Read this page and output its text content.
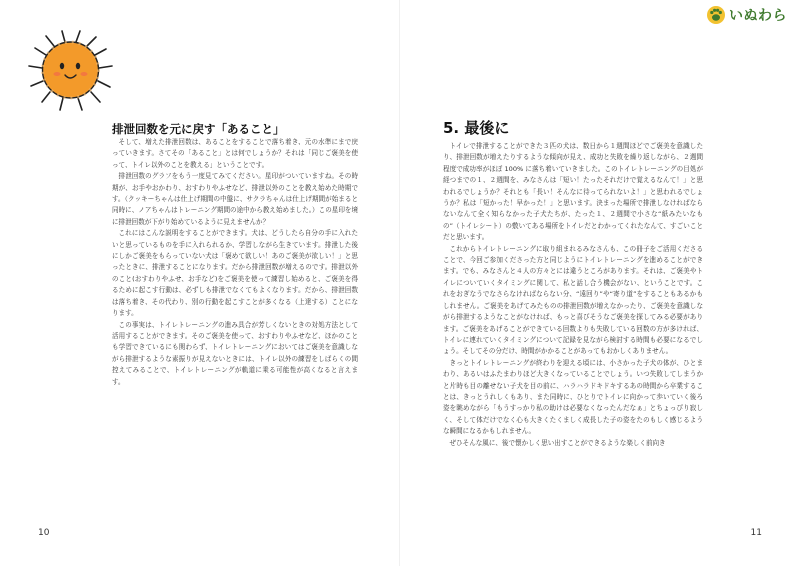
排泄回数を元に戻す「あること」

そして、増えた排泄回数は、あることをすることで落ち着き、元の水準にまで戻っていきます。さてその「あること」とは何でしょうか？それは「同じご褒美を使って、トイレ以外のことを教える」ということです。

排泄回数のグラフをもう一度見てみてください。星印がついていますね。その時期が、お手やおかわり、おすわりやふせなど、排泄以外のことを教え始めた時期です。（クッキーちゃんは仕上げ期間の中盤に、サクラちゃんは仕上げ期間が始まると同時に、ノアちゃんはトレーニング期間の途中から教え始めました。）この星印を境に排泄回数が下がり始めているように見えませんか？

これにはこんな説明をすることができます。犬は、どうしたら自分の手に入れたいと思っているものを手に入れられるか、学習しながら生きています。排泄した後にしかご褒美をもらっていない犬は「褒めて欲しい！あのご褒美が欲しい！」と思ったときに、排泄することになります。だから排泄回数が増えるのです。排泄以外のこと(おすわりやふせ、お手など)をご褒美を使って練習し始めると、ご褒美を得るために起こす行動は、必ずしも排泄でなくてもよくなります。だから、排泄回数は落ち着き、その代わり、別の行動を起こすことが多くなる（上達する）ことになります。

この事実は、トイレトレーニングの進み具合が芳しくないときの対処方法として活用することができます。そのご褒美を使って、おすわりやふせなど、ほかのことも学習できているにも関わらず、トイレトレーニングにおいてはご褒美を意識しながら排泄するような素振りが見えないときには、トイレ以外の練習をしばらくの間控えてみることで、トイレトレーニングが軌道に乗る可能性が高くなると言えます。

10
いぬわら
5. 最後に

トイレで排泄することができた３匹の犬は、数日から１週間ほどでご褒美を意識したり、排泄回数が増えたりするような傾向が見え、成功と失敗を繰り返しながら、２週間程度で成功率がほぼ 100% に落ち着いていきました。このトイレトレーニングの目処が経つまでの１、２週間を、みなさんは「短い！たったそれだけで覚えるなんて！」と思われるでしょうか？それとも「長い！そんなに待ってられないよ！」と思われるでしょうか？私は「短かった！早かった！」と思います。決まった場所で排泄しなければならないなんて全く知らなかった子犬たちが、たった１、２週間で小さな“紙みたいなもの”（トイレシート）の敷いてある場所をトイレだとわかってくれたなんて、すごいことだと思います。

これからトイレトレーニングに取り組まれるみなさんも、この冊子をご活用くださることで、今回ご参加くださった方と同じようにトイレトレーニングを進めることができます。でも、みなさんと４人の方々とには違うところがあります。それは、ご褒美やトイレについていくタイミングに関して、私と話し合う機会がない、ということです。これをおぎなうでなさらなければならない分、“遠回り”や“寄り道”をすることもあるかもしれません。ご褒美をあげてみたものの排泄回数が増えなかったり、ご褒美を意識しながら排泄するようなことがなければ、もっと喜びそうなご褒美を探してみる必要があります。ご褒美をあげることができている回数よりも失敗している回数の方が多ければ、トイレに連れていくタイミングについて記録を見ながら検討する時間も必要になるでしょう。そしてその分だけ、時間がかかることがあってもおかしくありません。

きっとトイレトレーニングが終わりを迎える頃には、小さかった子犬の体が、ひとまわり、あるいはふたまわりほど大きくなっていることでしょう。いつ失敗してしまうかと片時も目の離せない子犬を目の前に、ハラハラドキドキするあの時間から卒業することは、きっとうれしくもあり、また同時に、ひとりでトイレに向かって歩いていく後ろ姿を眺めながら「もうすっかり私の助けは必要なくなったんだなぁ」とちょっぴり寂しく、そして体だけでなく心も大きくたくましく成長した子の姿をたのもしく感じるような瞬間になるかもしれません。

ぜひそんな風に、後で懐かしく思い出すことができるような楽しく前向き

11
